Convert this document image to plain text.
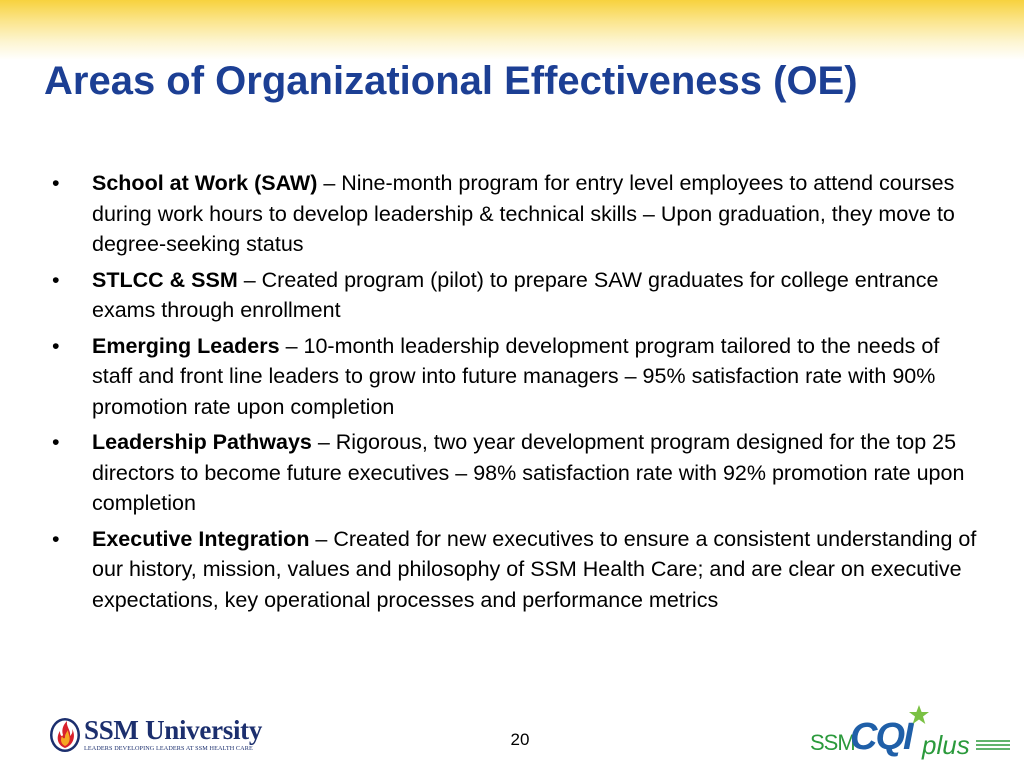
Areas of Organizational Effectiveness (OE)
•	School at Work (SAW) – Nine-month program for entry level employees to attend courses during work hours to develop leadership & technical skills – Upon graduation, they move to degree-seeking status
•	STLCC & SSM – Created program (pilot) to prepare SAW graduates for college entrance exams through enrollment
•	Emerging Leaders – 10-month leadership development program tailored to the needs of staff and front line leaders to grow into future managers – 95% satisfaction rate with 90% promotion rate upon completion
•	Leadership Pathways – Rigorous, two year development program designed for the top 25 directors to become future executives – 98% satisfaction rate with 92% promotion rate upon completion
•	Executive Integration – Created for new executives to ensure a consistent understanding of our history, mission, values and philosophy of SSM Health Care; and are clear on executive expectations, key operational processes and performance metrics
SSM University
LEADERS DEVELOPING LEADERS AT SSM HEALTH CARE	20	SSM
CQI plus
